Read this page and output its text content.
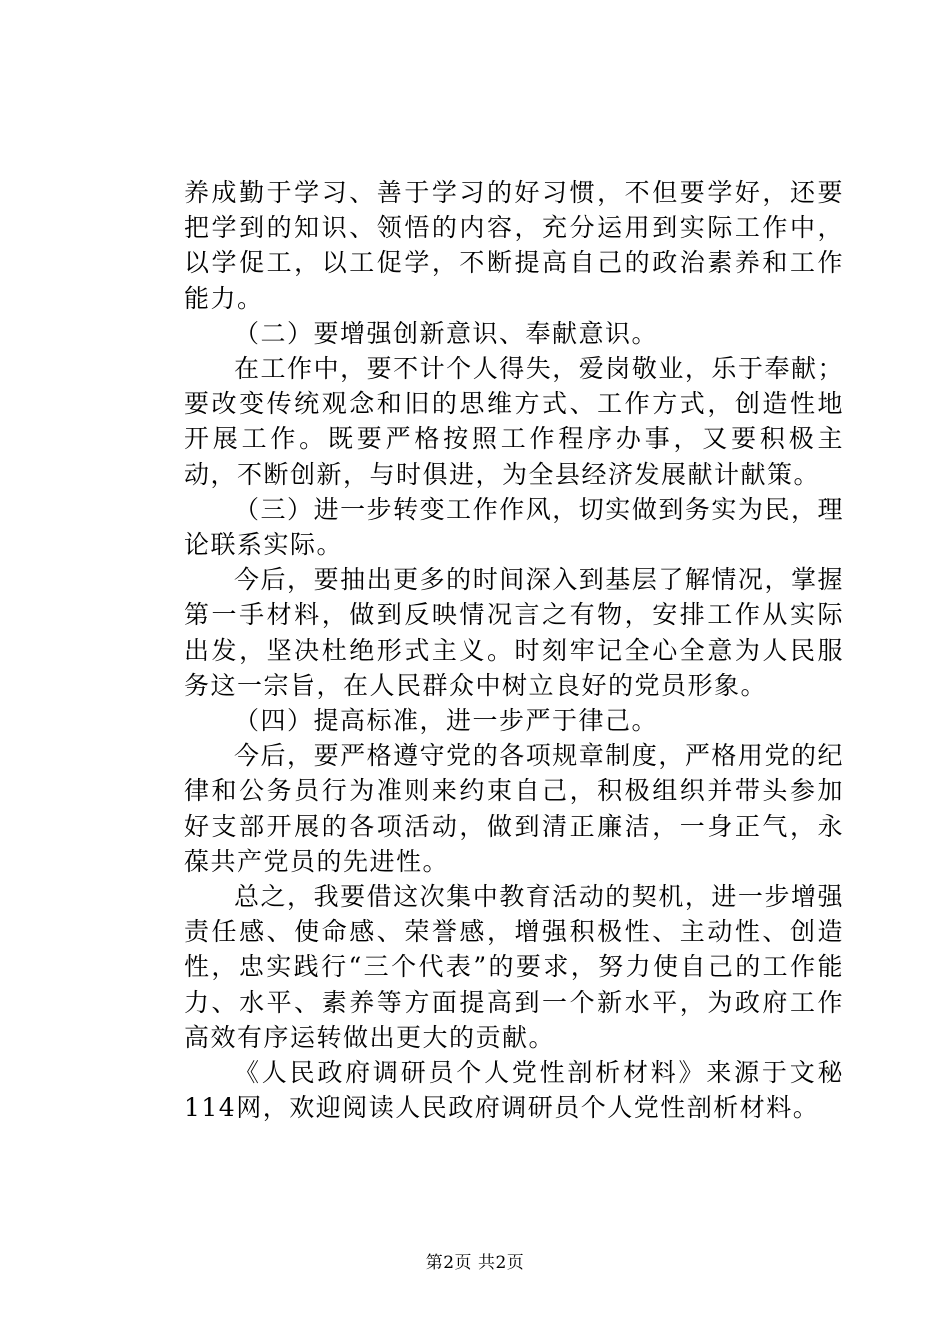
养成勤于学习、善于学习的好习惯，不但要学好，还要把学到的知识、领悟的内容，充分运用到实际工作中，以学促工，以工促学，不断提高自己的政治素养和工作能力。

（二）要增强创新意识、奉献意识。

在工作中，要不计个人得失，爱岗敬业，乐于奉献；要改变传统观念和旧的思维方式、工作方式，创造性地开展工作。既要严格按照工作程序办事，又要积极主动，不断创新，与时俱进，为全县经济发展献计献策。

（三）进一步转变工作作风，切实做到务实为民，理论联系实际。

今后，要抽出更多的时间深入到基层了解情况，掌握第一手材料，做到反映情况言之有物，安排工作从实际出发，坚决杜绝形式主义。时刻牢记全心全意为人民服务这一宗旨，在人民群众中树立良好的党员形象。

（四）提高标准，进一步严于律己。

今后，要严格遵守党的各项规章制度，严格用党的纪律和公务员行为准则来约束自己，积极组织并带头参加好支部开展的各项活动，做到清正廉洁，一身正气，永葆共产党员的先进性。

总之，我要借这次集中教育活动的契机，进一步增强责任感、使命感、荣誉感，增强积极性、主动性、创造性，忠实践行“三个代表”的要求，努力使自己的工作能力、水平、素养等方面提高到一个新水平，为政府工作高效有序运转做出更大的贡献。

《人民政府调研员个人党性剖析材料》来源于文秘114网，欢迎阅读人民政府调研员个人党性剖析材料。

第2页 共2页
